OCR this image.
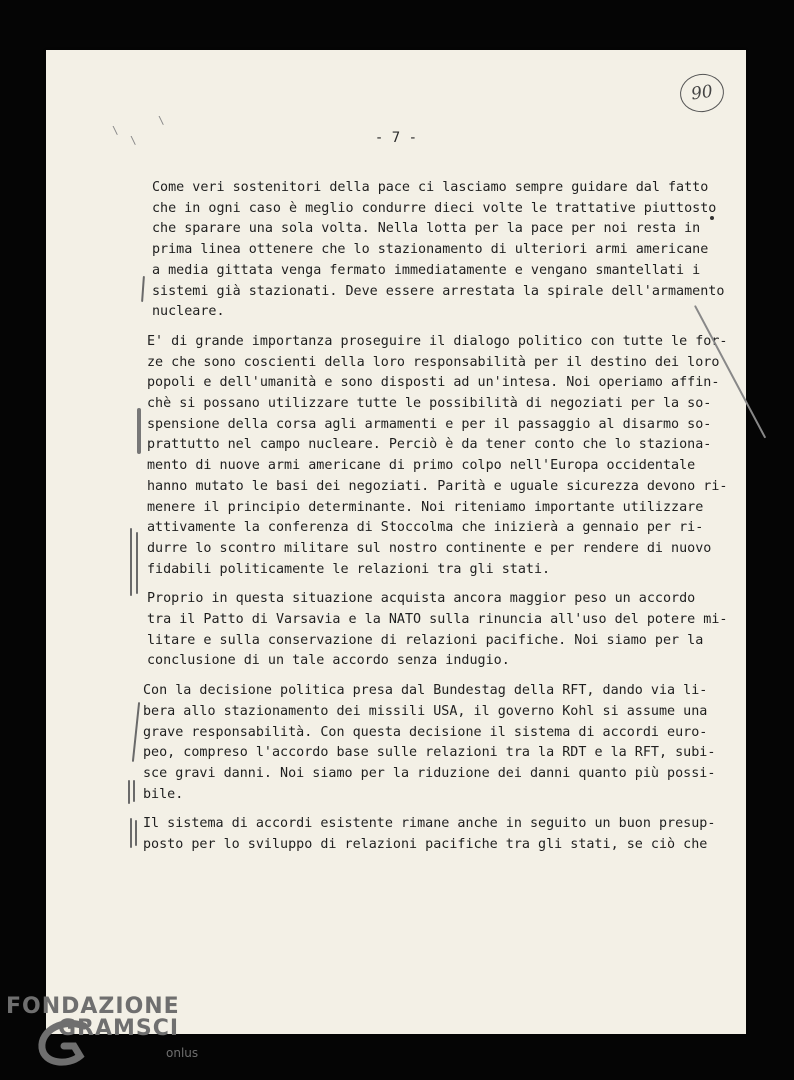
90
- 7 -
\
\
\
Come veri sostenitori della pace ci lasciamo sempre guidare dal fatto
che in ogni caso è meglio condurre dieci volte le trattative piuttosto
che sparare una sola volta. Nella lotta per la pace per noi resta in
prima linea ottenere che lo stazionamento di ulteriori armi americane
a media gittata venga fermato immediatamente e vengano smantellati i
sistemi già stazionati. Deve essere arrestata la spirale dell'armamento
nucleare.
E' di grande importanza proseguire il dialogo politico con tutte le for-
ze che sono coscienti della loro responsabilità per il destino dei loro
popoli e dell'umanità e sono disposti ad un'intesa. Noi operiamo affin-
chè si possano utilizzare tutte le possibilità di negoziati per la so-
spensione della corsa agli armamenti e per il passaggio al disarmo so-
prattutto nel campo nucleare. Perciò è da tener conto che lo staziona-
mento di nuove armi americane di primo colpo nell'Europa occidentale
hanno mutato le basi dei negoziati. Parità e uguale sicurezza devono ri-
menere il principio determinante. Noi riteniamo importante utilizzare
attivamente la conferenza di Stoccolma che inizierà a gennaio per ri-
durre lo scontro militare sul nostro continente e per rendere di nuovo
fidabili politicamente le relazioni tra gli stati.
Proprio in questa situazione acquista ancora maggior peso un accordo
tra il Patto di Varsavia e la NATO sulla rinuncia all'uso del potere mi-
litare e sulla conservazione di relazioni pacifiche. Noi siamo per la
conclusione di un tale accordo senza indugio.
Con la decisione politica presa dal Bundestag della RFT, dando via li-
bera allo stazionamento dei missili USA, il governo Kohl si assume una
grave responsabilità. Con questa decisione il sistema di accordi euro-
peo, compreso l'accordo base sulle relazioni tra la RDT e la RFT, subi-
sce gravi danni. Noi siamo per la riduzione dei danni quanto più possi-
bile.
Il sistema di accordi esistente rimane anche in seguito un buon presup-
posto per lo sviluppo di relazioni pacifiche tra gli stati, se ciò che
FONDAZIONE
GRAMSCI
onlus
